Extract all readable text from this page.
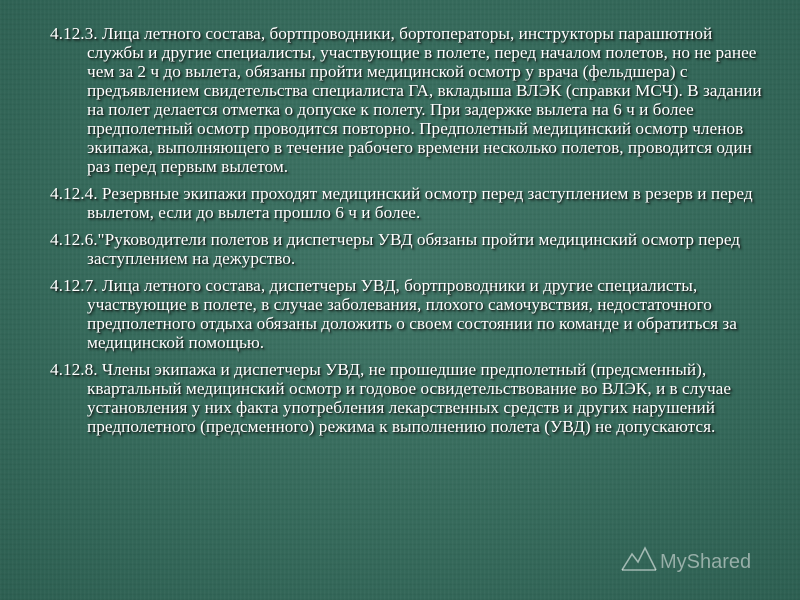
4.12.3. Лица летного состава, бортпроводники, бортоператоры, инструкторы парашютной службы и другие специалисты, участвующие в полете, перед началом полетов, но не ранее чем за 2 ч до вылета, обязаны пройти медицинской осмотр у врача (фельдшера) с предъявлением свидетельства специалиста ГА, вкладыша ВЛЭК (справки МСЧ). В задании на полет делается отметка о допуске к полету. При задержке вылета на 6 ч и более предполетный осмотр проводится повторно. Предполетный медицинский осмотр членов экипажа, выполняющего в течение рабочего времени несколько полетов, проводится один раз перед первым вылетом.

4.12.4. Резервные экипажи проходят медицинский осмотр перед заступлением в резерв и перед вылетом, если до вылета прошло 6 ч и более.

4.12.6."Руководители полетов и диспетчеры УВД обязаны пройти медицинский осмотр перед заступлением на дежурство.

4.12.7. Лица летного состава, диспетчеры УВД, бортпроводники и другие специалисты, участвующие в полете, в случае заболевания, плохого самочувствия, недостаточного предполетного отдыха обязаны доложить о своем состоянии по команде и обратиться за медицинской помощью.

4.12.8. Члены экипажа и диспетчеры УВД, не прошедшие предполетный (предсменный), квартальный медицинский осмотр и годовое освидетельствование во ВЛЭК, и в случае установления у них факта употребления лекарственных средств и других нарушений предполетного (предсменного) режима к выполнению полета (УВД) не допускаются.

MyShared
